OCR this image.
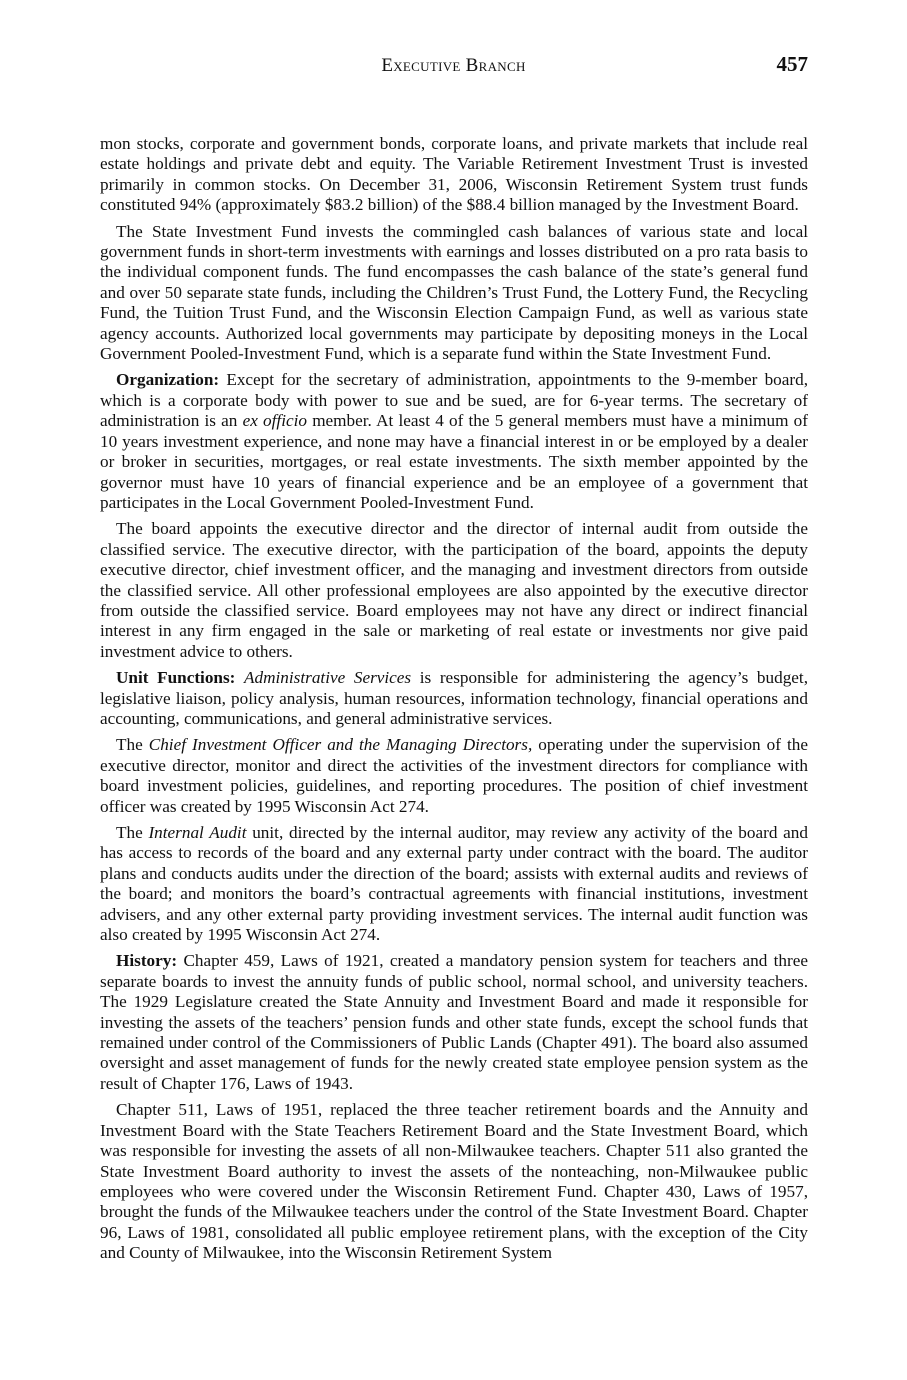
Executive Branch	457

mon stocks, corporate and government bonds, corporate loans, and private markets that include real estate holdings and private debt and equity. The Variable Retirement Investment Trust is invested primarily in common stocks. On December 31, 2006, Wisconsin Retirement System trust funds constituted 94% (approximately $83.2 billion) of the $88.4 billion managed by the Investment Board.

The State Investment Fund invests the commingled cash balances of various state and local government funds in short-term investments with earnings and losses distributed on a pro rata basis to the individual component funds. The fund encompasses the cash balance of the state’s general fund and over 50 separate state funds, including the Children’s Trust Fund, the Lottery Fund, the Recycling Fund, the Tuition Trust Fund, and the Wisconsin Election Campaign Fund, as well as various state agency accounts. Authorized local governments may participate by depositing moneys in the Local Government Pooled-Investment Fund, which is a separate fund within the State Investment Fund.

Organization: Except for the secretary of administration, appointments to the 9-member board, which is a corporate body with power to sue and be sued, are for 6-year terms. The secretary of administration is an ex officio member. At least 4 of the 5 general members must have a minimum of 10 years investment experience, and none may have a financial interest in or be employed by a dealer or broker in securities, mortgages, or real estate investments. The sixth member appointed by the governor must have 10 years of financial experience and be an employee of a government that participates in the Local Government Pooled-Investment Fund.

The board appoints the executive director and the director of internal audit from outside the classified service. The executive director, with the participation of the board, appoints the deputy executive director, chief investment officer, and the managing and investment directors from outside the classified service. All other professional employees are also appointed by the executive director from outside the classified service. Board employees may not have any direct or indirect financial interest in any firm engaged in the sale or marketing of real estate or investments nor give paid investment advice to others.

Unit Functions: Administrative Services is responsible for administering the agency’s budget, legislative liaison, policy analysis, human resources, information technology, financial operations and accounting, communications, and general administrative services.

The Chief Investment Officer and the Managing Directors, operating under the supervision of the executive director, monitor and direct the activities of the investment directors for compliance with board investment policies, guidelines, and reporting procedures. The position of chief investment officer was created by 1995 Wisconsin Act 274.

The Internal Audit unit, directed by the internal auditor, may review any activity of the board and has access to records of the board and any external party under contract with the board. The auditor plans and conducts audits under the direction of the board; assists with external audits and reviews of the board; and monitors the board’s contractual agreements with financial institutions, investment advisers, and any other external party providing investment services. The internal audit function was also created by 1995 Wisconsin Act 274.

History: Chapter 459, Laws of 1921, created a mandatory pension system for teachers and three separate boards to invest the annuity funds of public school, normal school, and university teachers. The 1929 Legislature created the State Annuity and Investment Board and made it responsible for investing the assets of the teachers’ pension funds and other state funds, except the school funds that remained under control of the Commissioners of Public Lands (Chapter 491). The board also assumed oversight and asset management of funds for the newly created state employee pension system as the result of Chapter 176, Laws of 1943.

Chapter 511, Laws of 1951, replaced the three teacher retirement boards and the Annuity and Investment Board with the State Teachers Retirement Board and the State Investment Board, which was responsible for investing the assets of all non-Milwaukee teachers. Chapter 511 also granted the State Investment Board authority to invest the assets of the nonteaching, non-Milwaukee public employees who were covered under the Wisconsin Retirement Fund. Chapter 430, Laws of 1957, brought the funds of the Milwaukee teachers under the control of the State Investment Board. Chapter 96, Laws of 1981, consolidated all public employee retirement plans, with the exception of the City and County of Milwaukee, into the Wisconsin Retirement System
